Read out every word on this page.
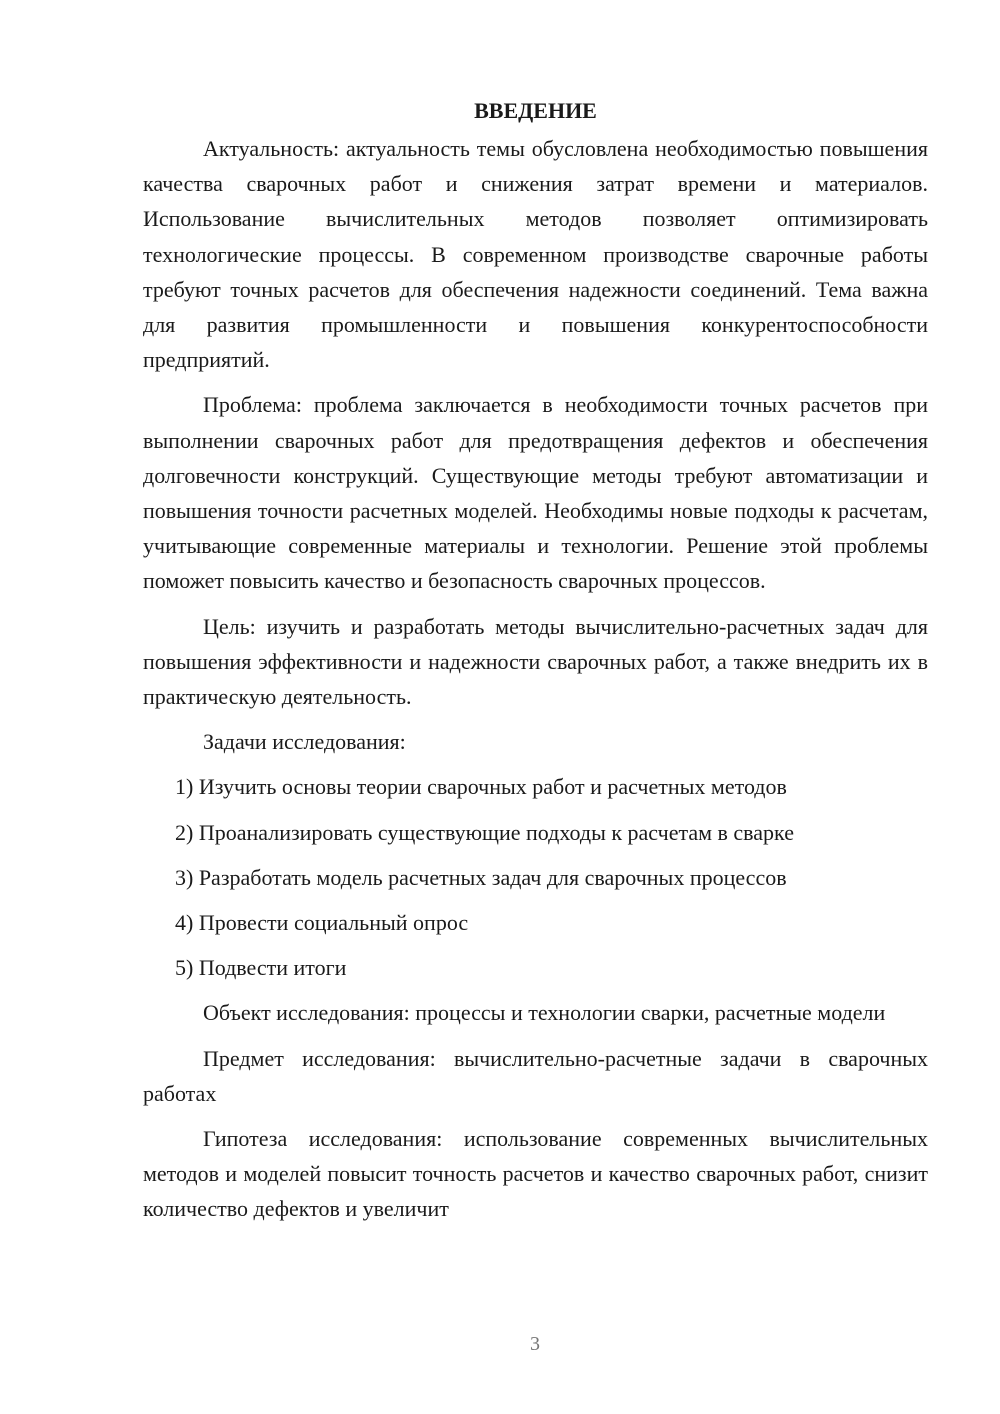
ВВЕДЕНИЕ

Актуальность: актуальность темы обусловлена необходимостью повышения качества сварочных работ и снижения затрат времени и материалов. Использование вычислительных методов позволяет оптимизировать технологические процессы. В современном производстве сварочные работы требуют точных расчетов для обеспечения надежности соединений. Тема важна для развития промышленности и повышения конкурентоспособности предприятий.

Проблема: проблема заключается в необходимости точных расчетов при выполнении сварочных работ для предотвращения дефектов и обеспечения долговечности конструкций. Существующие методы требуют автоматизации и повышения точности расчетных моделей. Необходимы новые подходы к расчетам, учитывающие современные материалы и технологии. Решение этой проблемы поможет повысить качество и безопасность сварочных процессов.

Цель: изучить и разработать методы вычислительно-расчетных задач для повышения эффективности и надежности сварочных работ, а также внедрить их в практическую деятельность.

Задачи исследования:

1) Изучить основы теории сварочных работ и расчетных методов
2) Проанализировать существующие подходы к расчетам в сварке
3) Разработать модель расчетных задач для сварочных процессов
4) Провести социальный опрос
5) Подвести итоги

Объект исследования: процессы и технологии сварки, расчетные модели

Предмет исследования: вычислительно-расчетные задачи в сварочных работах

Гипотеза исследования: использование современных вычислительных методов и моделей повысит точность расчетов и качество сварочных работ, снизит количество дефектов и увеличит

3
